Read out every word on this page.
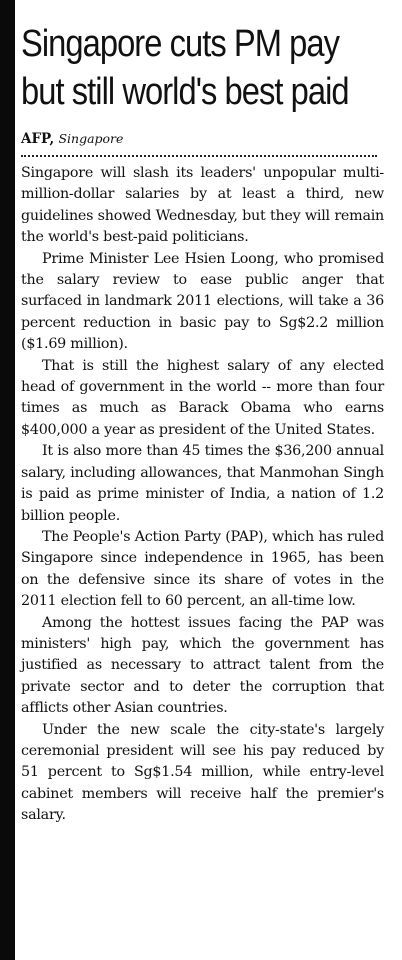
Singapore cuts PM pay
but still world's best paid
AFP, Singapore

Singapore will slash its leaders' unpopular multi-million-dollar salaries by at least a third, new guidelines showed Wednesday, but they will remain the world's best-paid politicians.

Prime Minister Lee Hsien Loong, who promised the salary review to ease public anger that surfaced in landmark 2011 elections, will take a 36 percent reduction in basic pay to Sg$2.2 million ($1.69 million).

That is still the highest salary of any elected head of government in the world -- more than four times as much as Barack Obama who earns $400,000 a year as president of the United States.

It is also more than 45 times the $36,200 annual salary, including allowances, that Manmohan Singh is paid as prime minister of India, a nation of 1.2 billion people.

The People's Action Party (PAP), which has ruled Singapore since independence in 1965, has been on the defensive since its share of votes in the 2011 election fell to 60 percent, an all-time low.

Among the hottest issues facing the PAP was ministers' high pay, which the government has justified as necessary to attract talent from the private sector and to deter the corruption that afflicts other Asian countries.

Under the new scale the city-state's largely ceremonial president will see his pay reduced by 51 percent to Sg$1.54 million, while entry-level cabinet members will receive half the premier's salary.
